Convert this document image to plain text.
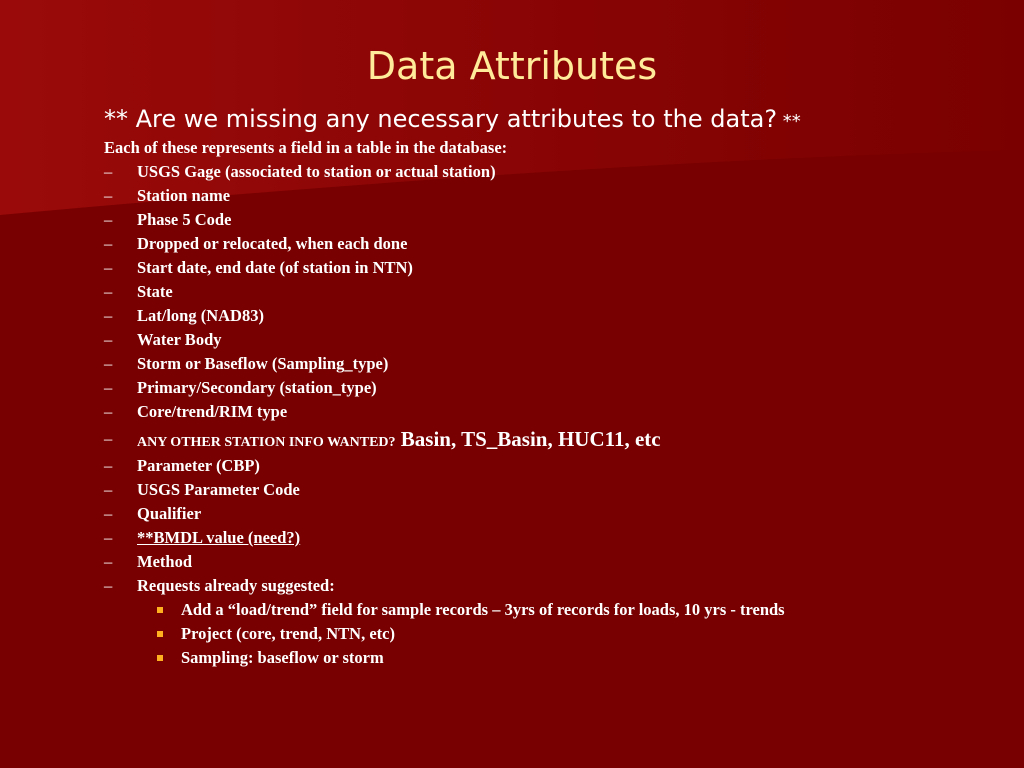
Data Attributes
** Are we missing any necessary attributes to the data? **
Each of these represents a field in a table in the database:
– USGS Gage (associated to station or actual station)
– Station name
– Phase 5 Code
– Dropped or relocated, when each done
– Start date, end date (of station in NTN)
– State
– Lat/long (NAD83)
– Water Body
– Storm or Baseflow (Sampling_type)
– Primary/Secondary (station_type)
– Core/trend/RIM type
– ANY OTHER STATION INFO WANTED? Basin, TS_Basin, HUC11, etc
– Parameter (CBP)
– USGS Parameter Code
– Qualifier
– **BMDL value (need?)
– Method
– Requests already suggested:
Add a “load/trend” field for sample records – 3yrs of records for loads, 10 yrs - trends
Project (core, trend, NTN, etc)
Sampling: baseflow or storm
